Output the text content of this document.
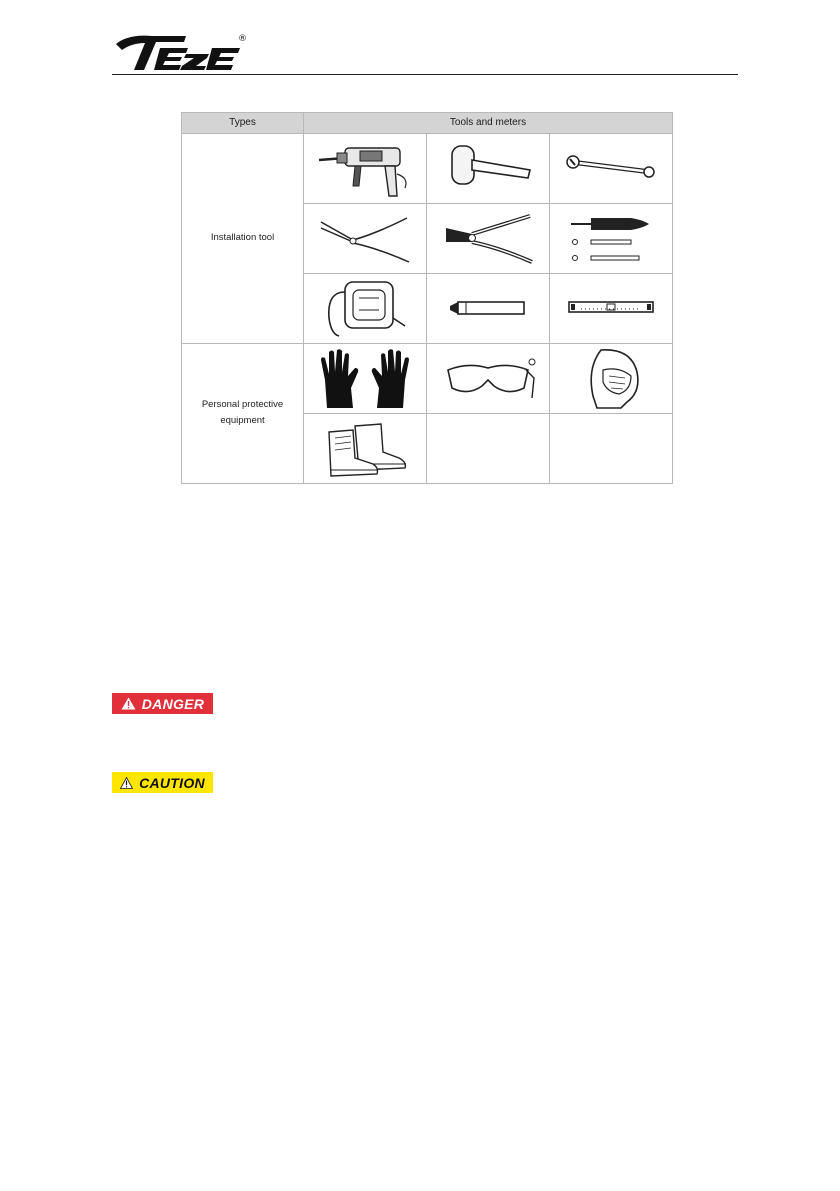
®
Types	Tools and meters		
Installation tool	

Personal protective equipment	

DANGER
CAUTION
